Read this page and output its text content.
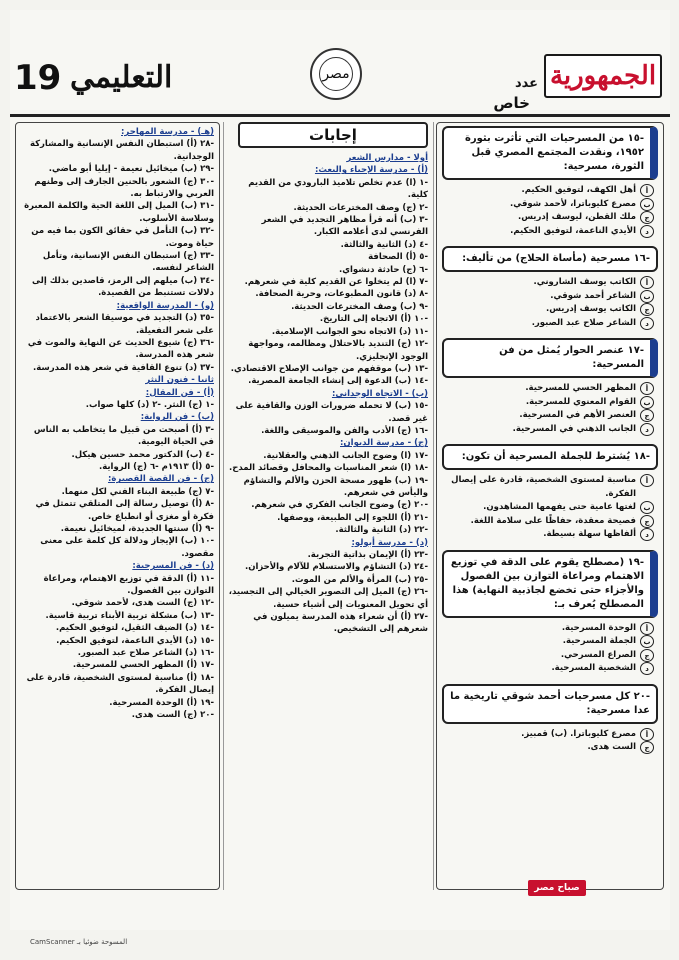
الجمهورية
عدد
خاص
مصر
التعليمي
19
-١٥ من المسرحيات التي تأثرت بثورة ١٩٥٢، ونقدت المجتمع المصري قبل الثورة، مسرحية:
أ
أهل الكهف، لتوفيق الحكيم.
ب
مصرع كليوباترا، لأحمد شوقي.
ج
ملك القطن، ليوسف إدريس.
د
الأيدي الناعمة، لتوفيق الحكيم.
-١٦ مسرحية (مأساة الحلاج) من تأليف:
أ
الكاتب يوسف الشاروني.
ب
الشاعر أحمد شوقي.
ج
الكاتب يوسف إدريس.
د
الشاعر صلاح عبد الصبور.
-١٧ عنصر الحوار يُمثل من فن المسرحية:
أ
المظهر الحسي للمسرحية.
ب
القوام المعنوي للمسرحية.
ج
العنصر الأهم في المسرحية.
د
الجانب الذهني في المسرحية.
-١٨ يُشترط للجملة المسرحية أن تكون:
أ
مناسبة لمستوى الشخصية، قادرة على إيصال الفكرة.
ب
لغتها عامية حتى يفهمها المشاهدون.
ج
فصيحة معقدة، حفاظًا على سلامة اللغة.
د
ألفاظها سهلة بسيطة.
-١٩ (مصطلح يقوم على الدقة في توزيع الاهتمام ومراعاة التوازن بين الفصول والأجزاء حتى تخضع لجاذبية النهاية) هذا المصطلح يُعرف بـ:
أ
الوحدة المسرحية.
ب
الجملة المسرحية.
ج
الصراع المسرحي.
د
الشخصية المسرحية.
-٢٠ كل مسرحيات أحمد شوقي تاريخية ما عدا مسرحية:
أ
مصرع كليوباترا. (ب) قمبيز.
ج
الست هدى.
إجابات
أولا - مدارس الشعر
(أ) - مدرسة الإحياء والبعث:
-١ (ا) عدم تخلص تلاميذ البارودي من القديم كلية.
-٢ (ج) وصف المخترعات الحديثة.
-٣ (ب) أنه قرأ مظاهر التجديد في الشعر الفرنسي لدى أعلامه الكبار.
-٤ (د) الثانية والثالثة.
-٥ (أ) الصحافة
-٦ (ج) حادثة دنشواي.
-٧ (ا) لم يتخلوا عن القديم كلية في شعرهم.
-٨ (د) قانون المطبوعات، وحرية الصحافة.
-٩ (ب) وصف المخترعات الحديثة.
-١٠ (أ) الاتجاه إلى التاريخ.
-١١ (د) الاتجاه نحو الجوانب الإسلامية.
-١٢ (ج) التنديد بالاحتلال ومظالمه، ومواجهة الوجود الإنجليزي.
-١٣ (ب) موقفهم من جوانب الإصلاح الاقتصادي.
-١٤ (ب) الدعوة إلى إنشاء الجامعة المصرية.
(ب) - الاتجاه الوجداني:
-١٥ (ب) لا تحمله ضرورات الوزن والقافية على غير قصد.
-١٦ (ج) الأدب والفن والموسيقى واللغة.
(ج) - مدرسة الديوان:
-١٧ (ا) وضوح الجانب الذهني والعقلانية.
-١٨ (ا) شعر المناسبات والمحافل وقصائد المدح.
-١٩ (ب) ظهور مسحة الحزن والألم والتشاؤم واليأس في شعرهم.
-٢٠ (ج) وضوح الجانب الفكري في شعرهم.
-٢١ (أ) اللجوء إلى الطبيعة، ووصفها.
-٢٢ (د) الثانية والثالثة.
(د) - مدرسة أبولو:
-٢٣ (أ) الإيمان بذاتية التجربة.
-٢٤ (د) التشاؤم والاستسلام للآلام والأحزان.
-٢٥ (ب) المرأة والألم من الموت.
-٢٦ (ج) الميل إلى التصوير الخيالي إلى التجسيد، أي تحويل المعنويات إلى أشياء حسية.
-٢٧ (أ) أن شعراء هذه المدرسة يميلون في شعرهم إلى التشخيص.
(هـ) - مدرسة المهاجر:
-٢٨ (أ) استبطان النفس الإنسانية والمشاركة الوجدانية.
-٢٩ (ب) ميخائيل نعيمة - إيليا أبو ماضي.
-٣٠ (ج) الشعور بالحنين الجارف إلى وطنهم العربي والارتباط به.
-٣١ (ب) الميل إلى اللغة الحية والكلمة المعبرة وسلاسة الأسلوب.
-٣٢ (ب) التأمل في حقائق الكون بما فيه من حياة وموت.
-٣٣ (ج) استبطان النفس الإنسانية، وتأمل الشاعر لنفسه.
-٣٤ (ب) ميلهم إلى الرمز، قاصدين بذلك إلى دلالات تستنبط من القصيدة.
(و) - المدرسة الواقعية:
-٣٥ (د) التجديد في موسيقا الشعر بالاعتماد على شعر التفعيلة.
-٣٦ (ج) شيوع الحديث عن النهاية والموت في شعر هذه المدرسة.
-٣٧ (د) تنوع القافية في شعر هذه المدرسة.
ثانيا - فنون النثر
(أ) - فن المقال:
-١ (ج) النثر. -٢ (د) كلها صواب.
(ب) - فن الرواية:
-٣ (أ) أصبحت من قبيل ما يتخاطب به الناس في الحياة اليومية.
-٤ (ب) الدكتور محمد حسين هيكل.
-٥ (أ) ١٩١٣م -٦ (ج) الرواية.
(ج) - فن القصة القصيرة:
-٧ (ج) طبيعة البناء الفني لكل منهما.
-٨ (أ) توصيل رسالة إلى المتلقي تتمثل في فكرة أو مغزى أو انطباع خاص.
-٩ (أ) سنتها الجديدة، لميخائيل نعيمة.
-١٠ (ب) الإيجاز ودلالة كل كلمة على معنى مقصود.
(د) - فن المسرحية:
-١١ (أ) الدقة في توزيع الاهتمام، ومراعاة التوازن بين الفصول.
-١٢ (ج) الست هدى، لأحمد شوقي.
-١٣ (ب) مشكلة تربية الأبناء تربية قاسية.
-١٤ (د) الضيف الثقيل، لتوفيق الحكيم.
-١٥ (د) الأيدي الناعمة، لتوفيق الحكيم.
-١٦ (د) الشاعر صلاح عبد الصبور.
-١٧ (أ) المظهر الحسي للمسرحية.
-١٨ (أ) مناسبة لمستوى الشخصية، قادرة على إيصال الفكرة.
-١٩ (أ) الوحدة المسرحية.
-٢٠ (ج) الست هدى.
صباح مصر
المسوحة ضوئيا بـ CamScanner
